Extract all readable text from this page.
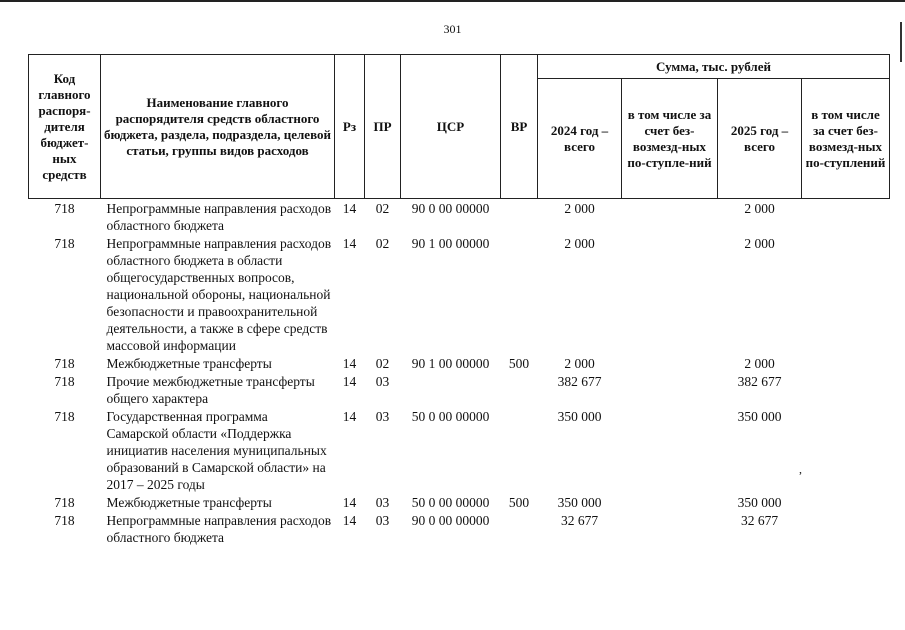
301
Код главного распоря-дителя бюджет-ных средств	Наименование главного распорядителя средств областного бюджета, раздела, подраздела, целевой статьи, группы видов расходов	Рз	ПР	ЦСР	ВР	Сумма, тыс. рублей			
						2024 год – всего	в том числе за счет без-возмезд-ных по-ступле-ний	2025 год – всего	в том числе за счет без-возмезд-ных по-ступлений
718	Непрограммные направления расходов областного бюджета	14	02	90 0 00 00000		2 000		2 000	
718	Непрограммные направления расходов областного бюджета в области общегосударственных вопросов, национальной обороны, национальной безопасности и правоохранительной деятельности, а также в сфере средств массовой информации	14	02	90 1 00 00000		2 000		2 000	
718	Межбюджетные трансферты	14	02	90 1 00 00000	500	2 000		2 000	
718	Прочие межбюджетные трансферты общего характера	14	03			382 677		382 677	
718	Государственная программа Самарской области «Поддержка инициатив населения муниципальных образований в Самарской области» на 2017 – 2025 годы	14	03	50 0 00 00000		350 000		350 000	
718	Межбюджетные трансферты	14	03	50 0 00 00000	500	350 000		350 000	
718	Непрограммные направления расходов областного бюджета	14	03	90 0 00 00000		32 677		32 677	
,
